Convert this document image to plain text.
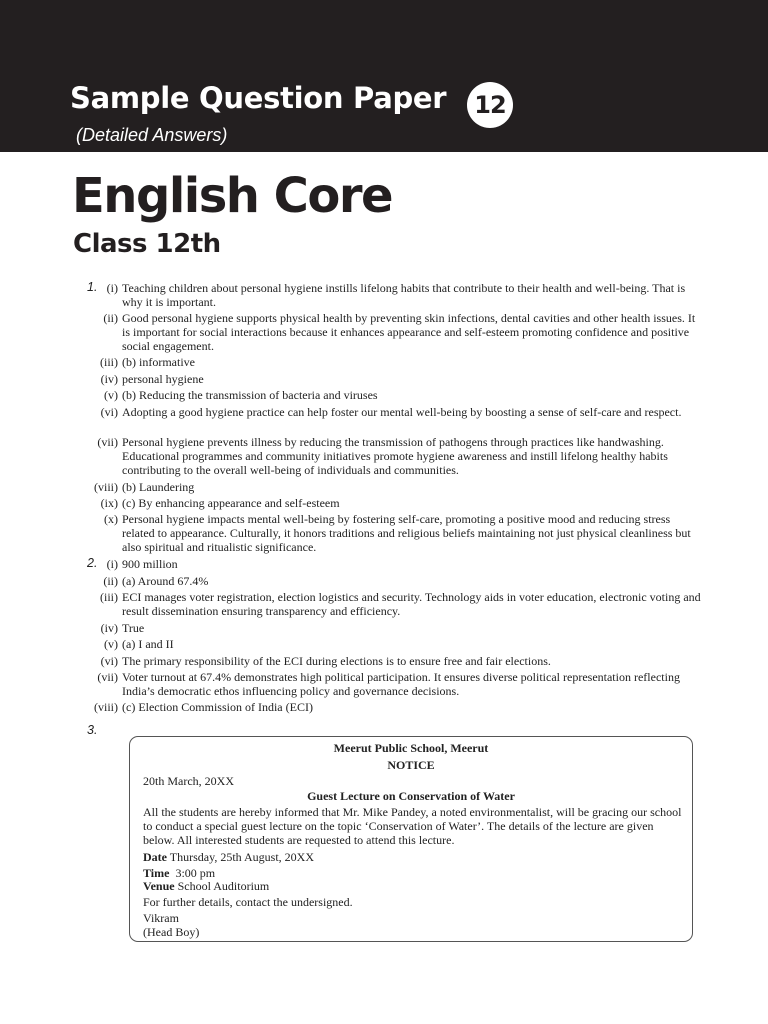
Sample Question Paper	12
(Detailed Answers)
English Core
Class 12th
1. (i) Teaching children about personal hygiene instills lifelong habits that contribute to their health and well-being. That is why it is important.
(ii) Good personal hygiene supports physical health by preventing skin infections, dental cavities and other health issues. It is important for social interactions because it enhances appearance and self-esteem promoting confidence and positive social engagement.
(iii) (b) informative
(iv) personal hygiene
(v) (b) Reducing the transmission of bacteria and viruses
(vi) Adopting a good hygiene practice can help foster our mental well-being by boosting a sense of self-care and respect.
(vii) Personal hygiene prevents illness by reducing the transmission of pathogens through practices like handwashing. Educational programmes and community initiatives promote hygiene awareness and instill lifelong healthy habits contributing to the overall well-being of individuals and communities.
(viii) (b) Laundering
(ix) (c) By enhancing appearance and self-esteem
(x) Personal hygiene impacts mental well-being by fostering self-care, promoting a positive mood and reducing stress related to appearance. Culturally, it honors traditions and religious beliefs maintaining not just physical cleanliness but also spiritual and ritualistic significance.
2. (i) 900 million
(ii) (a) Around 67.4%
(iii) ECI manages voter registration, election logistics and security. Technology aids in voter education, electronic voting and result dissemination ensuring transparency and efficiency.
(iv) True
(v) (a) I and II
(vi) The primary responsibility of the ECI during elections is to ensure free and fair elections.
(vii) Voter turnout at 67.4% demonstrates high political participation. It ensures diverse political representation reflecting India’s democratic ethos influencing policy and governance decisions.
(viii) (c) Election Commission of India (ECI)
3.
Meerut Public School, Meerut
NOTICE
20th March, 20XX
Guest Lecture on Conservation of Water
All the students are hereby informed that Mr. Mike Pandey, a noted environmentalist, will be gracing our school to conduct a special guest lecture on the topic ‘Conservation of Water’. The details of the lecture are given below. All interested students are requested to attend this lecture.
Date Thursday, 25th August, 20XX
Time 3:00 pm
Venue School Auditorium
For further details, contact the undersigned.
Vikram
(Head Boy)
